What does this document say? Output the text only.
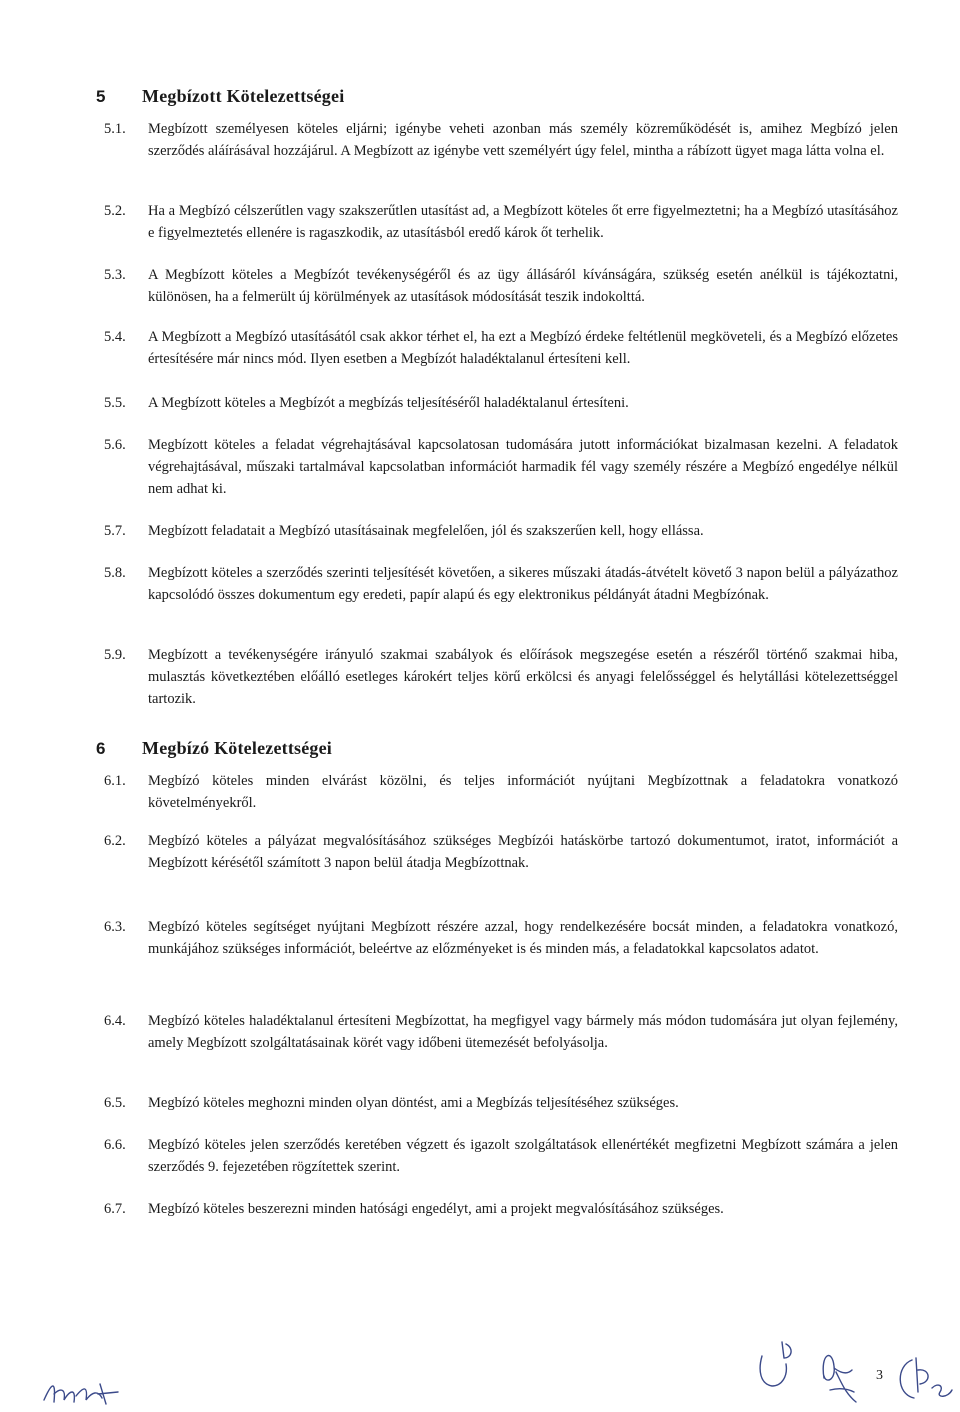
5 Megbízott Kötelezettségei
5.1. Megbízott személyesen köteles eljárni; igénybe veheti azonban más személy közreműködését is, amihez Megbízó jelen szerződés aláírásával hozzájárul. A Megbízott az igénybe vett személyért úgy felel, mintha a rábízott ügyet maga látta volna el.
5.2. Ha a Megbízó célszerűtlen vagy szakszerűtlen utasítást ad, a Megbízott köteles őt erre figyelmeztetni; ha a Megbízó utasításához e figyelmeztetés ellenére is ragaszkodik, az utasításból eredő károk őt terhelik.
5.3. A Megbízott köteles a Megbízót tevékenységéről és az ügy állásáról kívánságára, szükség esetén anélkül is tájékoztatni, különösen, ha a felmerült új körülmények az utasítások módosítását teszik indokolttá.
5.4. A Megbízott a Megbízó utasításától csak akkor térhet el, ha ezt a Megbízó érdeke feltétlenül megköveteli, és a Megbízó előzetes értesítésére már nincs mód. Ilyen esetben a Megbízót haladéktalanul értesíteni kell.
5.5. A Megbízott köteles a Megbízót a megbízás teljesítéséről haladéktalanul értesíteni.
5.6. Megbízott köteles a feladat végrehajtásával kapcsolatosan tudomására jutott információkat bizalmasan kezelni. A feladatok végrehajtásával, műszaki tartalmával kapcsolatban információt harmadik fél vagy személy részére a Megbízó engedélye nélkül nem adhat ki.
5.7. Megbízott feladatait a Megbízó utasításainak megfelelően, jól és szakszerűen kell, hogy ellássa.
5.8. Megbízott köteles a szerződés szerinti teljesítését követően, a sikeres műszaki átadás-átvételt követő 3 napon belül a pályázathoz kapcsolódó összes dokumentum egy eredeti, papír alapú és egy elektronikus példányát átadni Megbízónak.
5.9. Megbízott a tevékenységére irányuló szakmai szabályok és előírások megszegése esetén a részéről történő szakmai hiba, mulasztás következtében előálló esetleges károkért teljes körű erkölcsi és anyagi felelősséggel és helytállási kötelezettséggel tartozik.
6 Megbízó Kötelezettségei
6.1. Megbízó köteles minden elvárást közölni, és teljes információt nyújtani Megbízottnak a feladatokra vonatkozó követelményekről.
6.2. Megbízó köteles a pályázat megvalósításához szükséges Megbízói hatáskörbe tartozó dokumentumot, iratot, információt a Megbízott kérésétől számított 3 napon belül átadja Megbízottnak.
6.3. Megbízó köteles segítséget nyújtani Megbízott részére azzal, hogy rendelkezésére bocsát minden, a feladatokra vonatkozó, munkájához szükséges információt, beleértve az előzményeket is és minden más, a feladatokkal kapcsolatos adatot.
6.4. Megbízó köteles haladéktalanul értesíteni Megbízottat, ha megfigyel vagy bármely más módon tudomására jut olyan fejlemény, amely Megbízott szolgáltatásainak körét vagy időbeni ütemezését befolyásolja.
6.5. Megbízó köteles meghozni minden olyan döntést, ami a Megbízás teljesítéséhez szükséges.
6.6. Megbízó köteles jelen szerződés keretében végzett és igazolt szolgáltatások ellenértékét megfizetni Megbízott számára a jelen szerződés 9. fejezetében rögzítettek szerint.
6.7. Megbízó köteles beszerezni minden hatósági engedélyt, ami a projekt megvalósításához szükséges.
3
